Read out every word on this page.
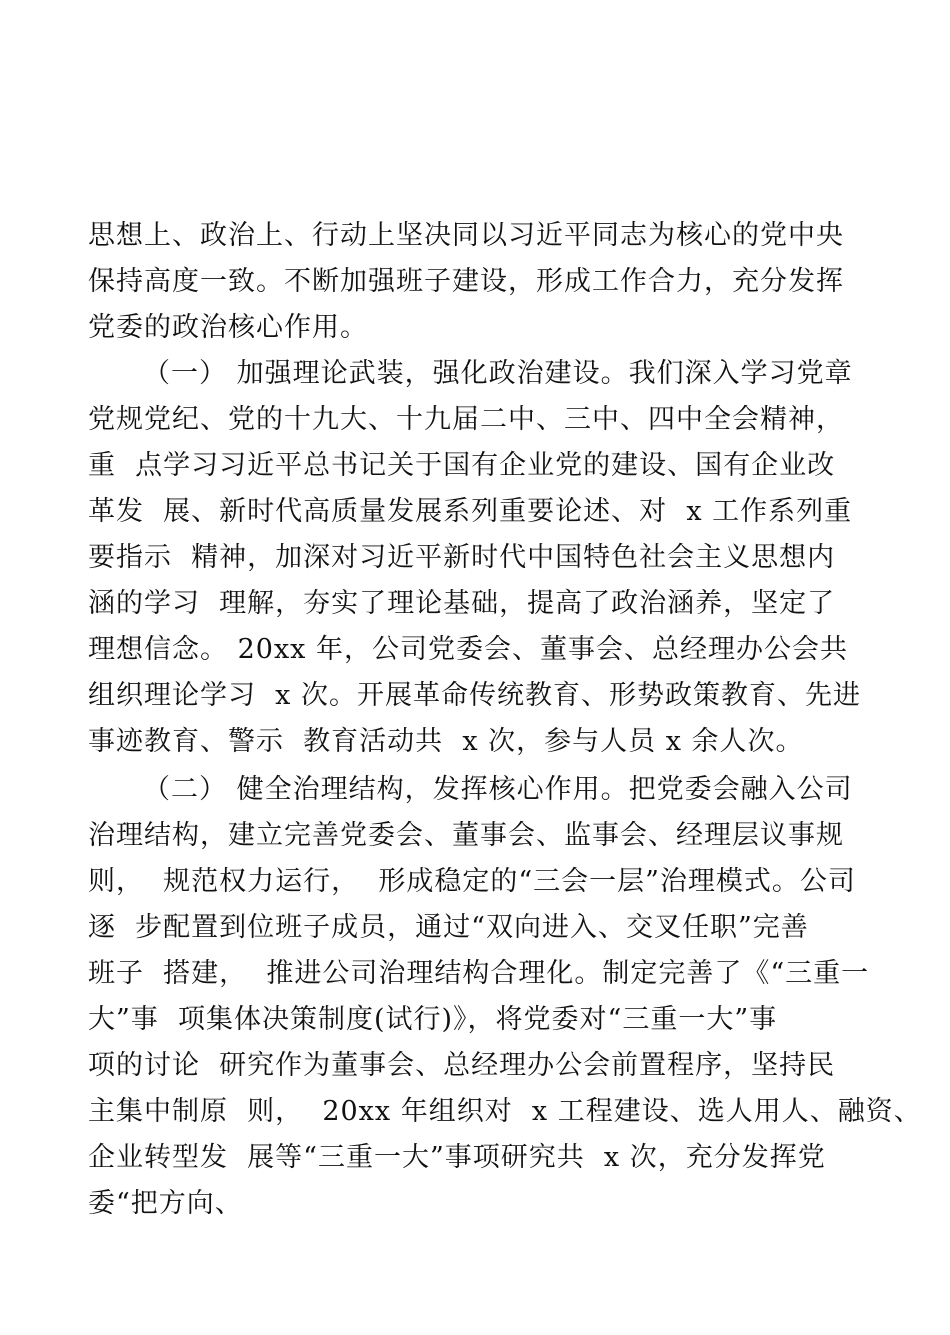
思想上、政治上、行动上坚决同以习近平同志为核心的党中央
保持高度一致。不断加强班子建设，形成工作合力，充分发挥
党委的政治核心作用。
（一） 加强理论武装，强化政治建设。我们深入学习党章
党规党纪、党的十九大、十九届二中、三中、四中全会精神，
重  点学习习近平总书记关于国有企业党的建设、国有企业改
革发  展、新时代高质量发展系列重要论述、对  x 工作系列重
要指示  精神，加深对习近平新时代中国特色社会主义思想内
涵的学习  理解，夯实了理论基础，提高了政治涵养，坚定了
理想信念。 20xx 年，公司党委会、董事会、总经理办公会共
组织理论学习  x 次。开展革命传统教育、形势政策教育、先进
事迹教育、警示  教育活动共  x 次，参与人员 x 余人次。
（二） 健全治理结构，发挥核心作用。把党委会融入公司
治理结构，建立完善党委会、董事会、监事会、经理层议事规
则，  规范权力运行，  形成稳定的“三会一层”治理模式。公司
逐  步配置到位班子成员，通过“双向进入、交叉任职”完善
班子  搭建，  推进公司治理结构合理化。制定完善了《“三重一
大”事  项集体决策制度(试行)》，将党委对“三重一大”事
项的讨论  研究作为董事会、总经理办公会前置程序，坚持民
主集中制原  则，  20xx 年组织对  x 工程建设、选人用人、融资、
企业转型发  展等“三重一大”事项研究共  x 次，充分发挥党
委“把方向、
